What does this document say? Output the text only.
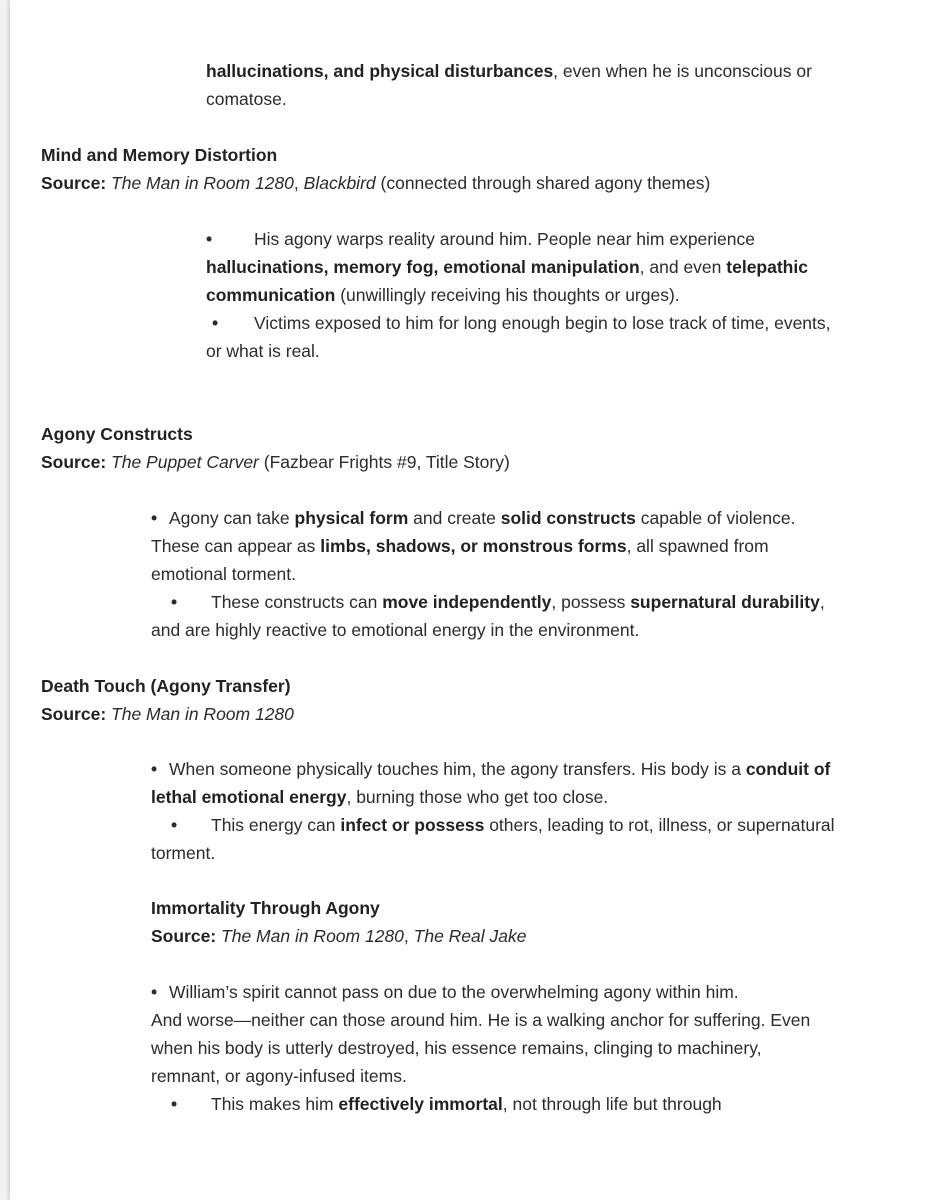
hallucinations, and physical disturbances, even when he is unconscious or
comatose.
Mind and Memory Distortion
Source: The Man in Room 1280, Blackbird (connected through shared agony themes)
• His agony warps reality around him. People near him experience
hallucinations, memory fog, emotional manipulation, and even telepathic
communication (unwillingly receiving his thoughts or urges).
• Victims exposed to him for long enough begin to lose track of time, events,
or what is real.
Agony Constructs
Source: The Puppet Carver (Fazbear Frights #9, Title Story)
• Agony can take physical form and create solid constructs capable of violence.
These can appear as limbs, shadows, or monstrous forms, all spawned from
emotional torment.
• These constructs can move independently, possess supernatural durability,
and are highly reactive to emotional energy in the environment.
Death Touch (Agony Transfer)
Source: The Man in Room 1280
• When someone physically touches him, the agony transfers. His body is a conduit of
lethal emotional energy, burning those who get too close.
• This energy can infect or possess others, leading to rot, illness, or supernatural
torment.
Immortality Through Agony
Source: The Man in Room 1280, The Real Jake
• William’s spirit cannot pass on due to the overwhelming agony within him.
And worse—neither can those around him. He is a walking anchor for suffering. Even
when his body is utterly destroyed, his essence remains, clinging to machinery,
remnant, or agony-infused items.
• This makes him effectively immortal, not through life but through
